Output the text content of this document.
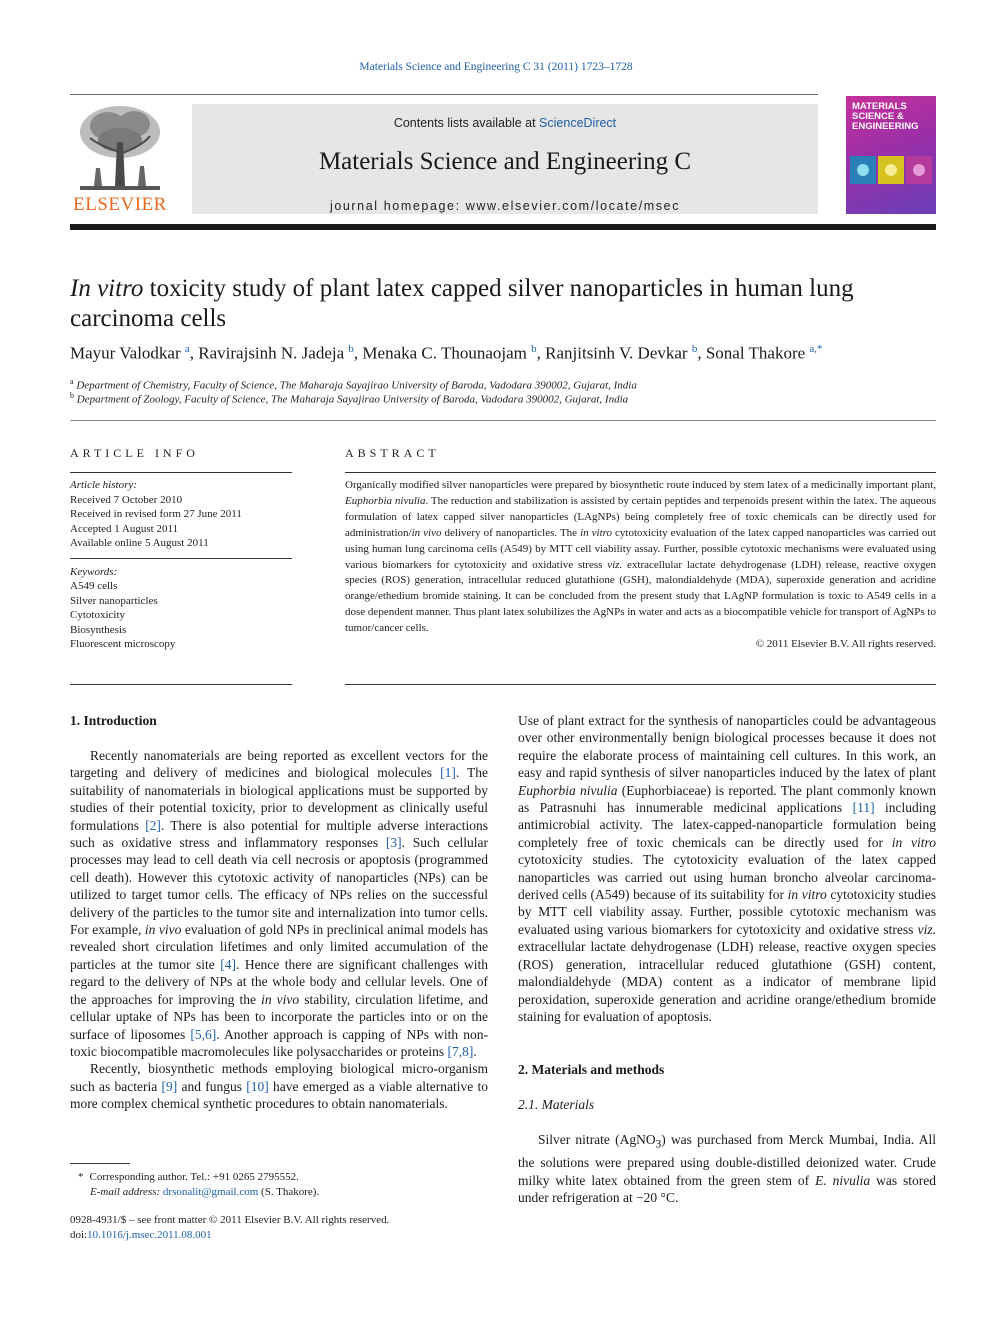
Materials Science and Engineering C 31 (2011) 1723–1728
ELSEVIER
Contents lists available at ScienceDirect
Materials Science and Engineering C
journal homepage: www.elsevier.com/locate/msec
MATERIALS SCIENCE & ENGINEERING
In vitro toxicity study of plant latex capped silver nanoparticles in human lung carcinoma cells
Mayur Valodkar $^a$, Ravirajsinh N. Jadeja $^b$, Menaka C. Thounaojam $^b$, Ranjitsinh V. Devkar $^b$, Sonal Thakore $^{a,*}$
$^a$ Department of Chemistry, Faculty of Science, The Maharaja Sayajirao University of Baroda, Vadodara 390002, Gujarat, India
$^b$ Department of Zoology, Faculty of Science, The Maharaja Sayajirao University of Baroda, Vadodara 390002, Gujarat, India
ARTICLE INFO	ABSTRACT
Article history:
Received 7 October 2010
Received in revised form 27 June 2011
Accepted 1 August 2011
Available online 5 August 2011
Keywords:
A549 cells
Silver nanoparticles
Cytotoxicity
Biosynthesis
Fluorescent microscopy
Organically modified silver nanoparticles were prepared by biosynthetic route induced by stem latex of a medicinally important plant, Euphorbia nivulia. The reduction and stabilization is assisted by certain peptides and terpenoids present within the latex. The aqueous formulation of latex capped silver nanoparticles (LAgNPs) being completely free of toxic chemicals can be directly used for administration/in vivo delivery of nanoparticles. The in vitro cytotoxicity evaluation of the latex capped nanoparticles was carried out using human lung carcinoma cells (A549) by MTT cell viability assay. Further, possible cytotoxic mechanisms were evaluated using various biomarkers for cytotoxicity and oxidative stress viz. extracellular lactate dehydrogenase (LDH) release, reactive oxygen species (ROS) generation, intracellular reduced glutathione (GSH), malondialdehyde (MDA), superoxide generation and acridine orange/ethedium bromide staining. It can be concluded from the present study that LAgNP formulation is toxic to A549 cells in a dose dependent manner. Thus plant latex solubilizes the AgNPs in water and acts as a biocompatible vehicle for transport of AgNPs to tumor/cancer cells.
© 2011 Elsevier B.V. All rights reserved.
1. Introduction

Recently nanomaterials are being reported as excellent vectors for the targeting and delivery of medicines and biological molecules [1]. The suitability of nanomaterials in biological applications must be supported by studies of their potential toxicity, prior to development as clinically useful formulations [2]. There is also potential for multiple adverse interactions such as oxidative stress and inflammatory responses [3]. Such cellular processes may lead to cell death via cell necrosis or apoptosis (programmed cell death). However this cytotoxic activity of nanoparticles (NPs) can be utilized to target tumor cells. The efficacy of NPs relies on the successful delivery of the particles to the tumor site and internalization into tumor cells. For example, in vivo evaluation of gold NPs in preclinical animal models has revealed short circulation lifetimes and only limited accumulation of the particles at the tumor site [4]. Hence there are significant challenges with regard to the delivery of NPs at the whole body and cellular levels. One of the approaches for improving the in vivo stability, circulation lifetime, and cellular uptake of NPs has been to incorporate the particles into or on the surface of liposomes [5,6]. Another approach is capping of NPs with non-toxic biocompatible macromolecules like polysaccharides or proteins [7,8].

Recently, biosynthetic methods employing biological micro-organism such as bacteria [9] and fungus [10] have emerged as a viable alternative to more complex chemical synthetic procedures to obtain nanomaterials.

Use of plant extract for the synthesis of nanoparticles could be advantageous over other environmentally benign biological processes because it does not require the elaborate process of maintaining cell cultures. In this work, an easy and rapid synthesis of silver nanoparticles induced by the latex of plant Euphorbia nivulia (Euphorbiaceae) is reported. The plant commonly known as Patrasnuhi has innumerable medicinal applications [11] including antimicrobial activity. The latex-capped-nanoparticle formulation being completely free of toxic chemicals can be directly used for in vitro cytotoxicity studies. The cytotoxicity evaluation of the latex capped nanoparticles was carried out using human broncho alveolar carcinoma-derived cells (A549) because of its suitability for in vitro cytotoxicity studies by MTT cell viability assay. Further, possible cytotoxic mechanism was evaluated using various biomarkers for cytotoxicity and oxidative stress viz. extracellular lactate dehydrogenase (LDH) release, reactive oxygen species (ROS) generation, intracellular reduced glutathione (GSH) content, malondialdehyde (MDA) content as a indicator of membrane lipid peroxidation, superoxide generation and acridine orange/ethedium bromide staining for evaluation of apoptosis.

2. Materials and methods
2.1. Materials

Silver nitrate (AgNO$_3$) was purchased from Merck Mumbai, India. All the solutions were prepared using double-distilled deionized water. Crude milky white latex obtained from the green stem of E. nivulia was stored under refrigeration at −20 °C.

* Corresponding author. Tel.: +91 0265 2795552.
E-mail address: drsonalit@gmail.com (S. Thakore).
0928-4931/$ – see front matter © 2011 Elsevier B.V. All rights reserved.
doi:10.1016/j.msec.2011.08.001
